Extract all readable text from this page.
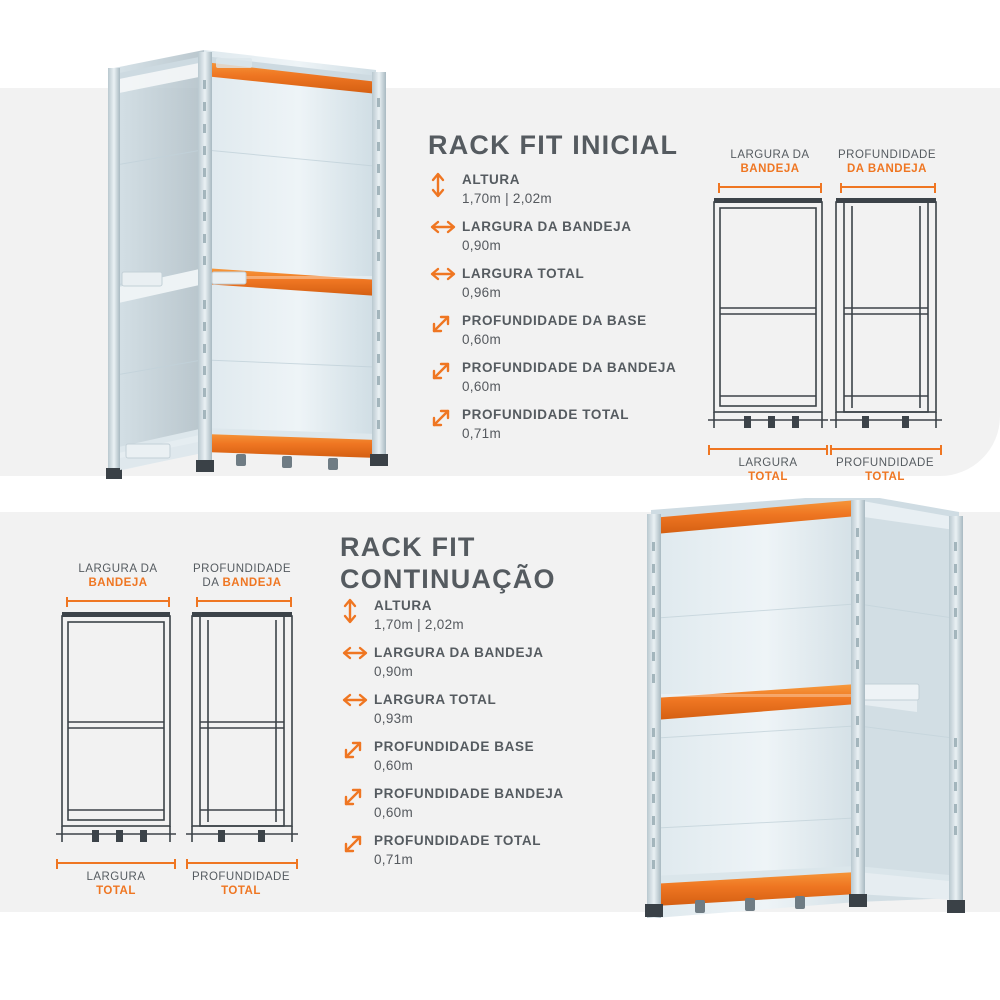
RACK FIT INICIAL
ALTURA
1,70m | 2,02m
LARGURA DA BANDEJA
0,90m
LARGURA TOTAL
0,96m
PROFUNDIDADE DA BASE
0,60m
PROFUNDIDADE DA BANDEJA
0,60m
PROFUNDIDADE TOTAL
0,71m
LARGURA DA
BANDEJA
LARGURA
TOTAL
PROFUNDIDADE
DA BANDEJA
PROFUNDIDADE
TOTAL
RACK FIT
CONTINUAÇÃO
ALTURA
1,70m | 2,02m
LARGURA DA BANDEJA
0,90m
LARGURA TOTAL
0,93m
PROFUNDIDADE BASE
0,60m
PROFUNDIDADE BANDEJA
0,60m
PROFUNDIDADE TOTAL
0,71m
LARGURA DA
BANDEJA
LARGURA
TOTAL
PROFUNDIDADE
DA BANDEJA
PROFUNDIDADE
TOTAL
